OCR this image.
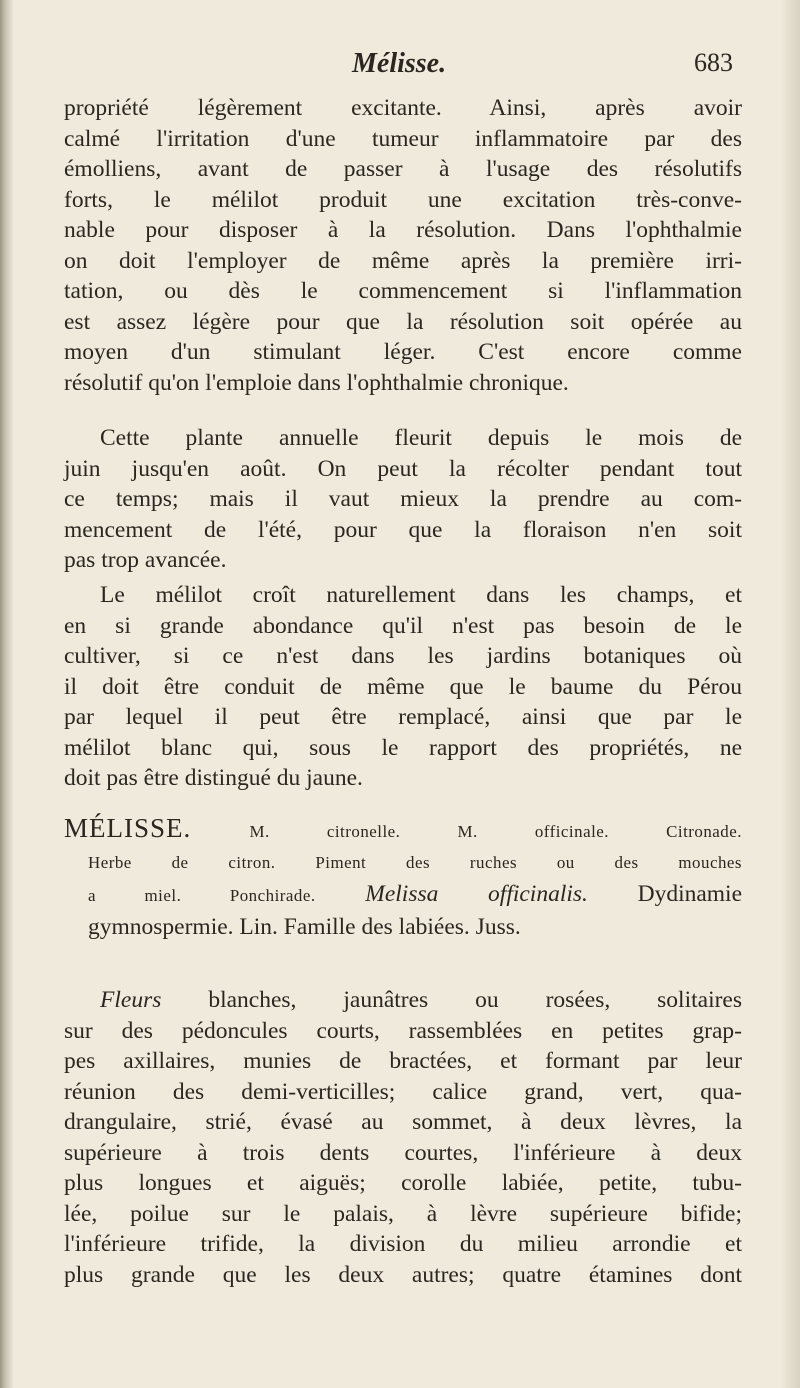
Mélisse.	683
propriété légèrement excitante. Ainsi, après avoir
calmé l'irritation d'une tumeur inflammatoire par des
émolliens, avant de passer à l'usage des résolutifs
forts, le mélilot produit une excitation très-conve-
nable pour disposer à la résolution. Dans l'ophthalmie
on doit l'employer de même après la première irri-
tation, ou dès le commencement si l'inflammation
est assez légère pour que la résolution soit opérée au
moyen d'un stimulant léger. C'est encore comme
résolutif qu'on l'emploie dans l'ophthalmie chronique.
Cette plante annuelle fleurit depuis le mois de
juin jusqu'en août. On peut la récolter pendant tout
ce temps; mais il vaut mieux la prendre au com-
mencement de l'été, pour que la floraison n'en soit
pas trop avancée.
Le mélilot croît naturellement dans les champs, et
en si grande abondance qu'il n'est pas besoin de le
cultiver, si ce n'est dans les jardins botaniques où
il doit être conduit de même que le baume du Pérou
par lequel il peut être remplacé, ainsi que par le
mélilot blanc qui, sous le rapport des propriétés, ne
doit pas être distingué du jaune.
MÉLISSE.	M. citronelle. M. officinale. Citronade.
Herbe de citron. Piment des ruches ou des mouches
a miel. Ponchirade. Melissa officinalis. Dydinamie
gymnospermie. Lin. Famille des labiées. Juss.
Fleurs blanches, jaunâtres ou rosées, solitaires
sur des pédoncules courts, rassemblées en petites grap-
pes axillaires, munies de bractées, et formant par leur
réunion des demi-verticilles; calice grand, vert, qua-
drangulaire, strié, évasé au sommet, à deux lèvres, la
supérieure à trois dents courtes, l'inférieure à deux
plus longues et aiguës; corolle labiée, petite, tubu-
lée, poilue sur le palais, à lèvre supérieure bifide;
l'inférieure trifide, la division du milieu arrondie et
plus grande que les deux autres; quatre étamines dont
